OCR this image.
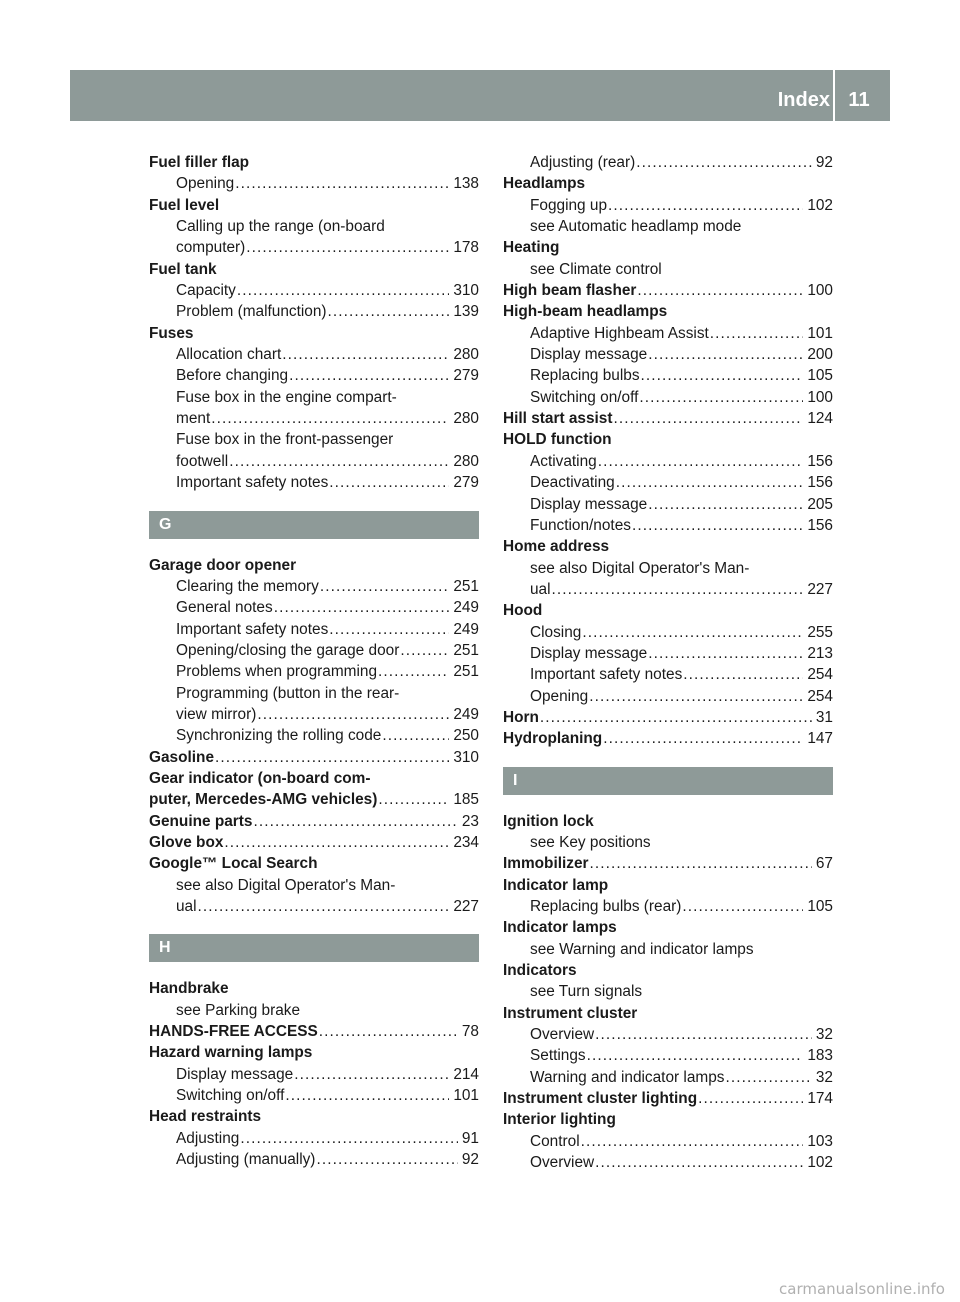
Index 11
Fuel filler flap
Opening .....	138
Fuel level
Calling up the range (on-board
computer) .....	178
Fuel tank
Capacity .....	310
Problem (malfunction) .....	139
Fuses
Allocation chart .....	280
Before changing .....	279
Fuse box in the engine compart-
ment .....	280
Fuse box in the front-passenger
footwell .....	280
Important safety notes .....	279
G
Garage door opener
Clearing the memory .....	251
General notes .....	249
Important safety notes .....	249
Opening/closing the garage door .....	251
Problems when programming .....	251
Programming (button in the rear-
view mirror) .....	249
Synchronizing the rolling code .....	250
Gasoline .....	310
Gear indicator (on-board com-
puter, Mercedes-AMG vehicles) .....	185
Genuine parts .....	23
Glove box .....	234
Google™ Local Search
see also Digital Operator's Man-
ual .....	227
H
Handbrake
see Parking brake
HANDS-FREE ACCESS .....	78
Hazard warning lamps
Display message .....	214
Switching on/off .....	101
Head restraints
Adjusting .....	91
Adjusting (manually) .....	92
Adjusting (rear) .....	92
Headlamps
Fogging up .....	102
see Automatic headlamp mode
Heating
see Climate control
High beam flasher .....	100
High-beam headlamps
Adaptive Highbeam Assist .....	101
Display message .....	200
Replacing bulbs .....	105
Switching on/off .....	100
Hill start assist .....	124
HOLD function
Activating .....	156
Deactivating .....	156
Display message .....	205
Function/notes .....	156
Home address
see also Digital Operator's Man-
ual .....	227
Hood
Closing .....	255
Display message .....	213
Important safety notes .....	254
Opening .....	254
Horn .....	31
Hydroplaning .....	147
I
Ignition lock
see Key positions
Immobilizer .....	67
Indicator lamp
Replacing bulbs (rear) .....	105
Indicator lamps
see Warning and indicator lamps
Indicators
see Turn signals
Instrument cluster
Overview .....	32
Settings .....	183
Warning and indicator lamps .....	32
Instrument cluster lighting .....	174
Interior lighting
Control .....	103
Overview .....	102
carmanualsonline.info
